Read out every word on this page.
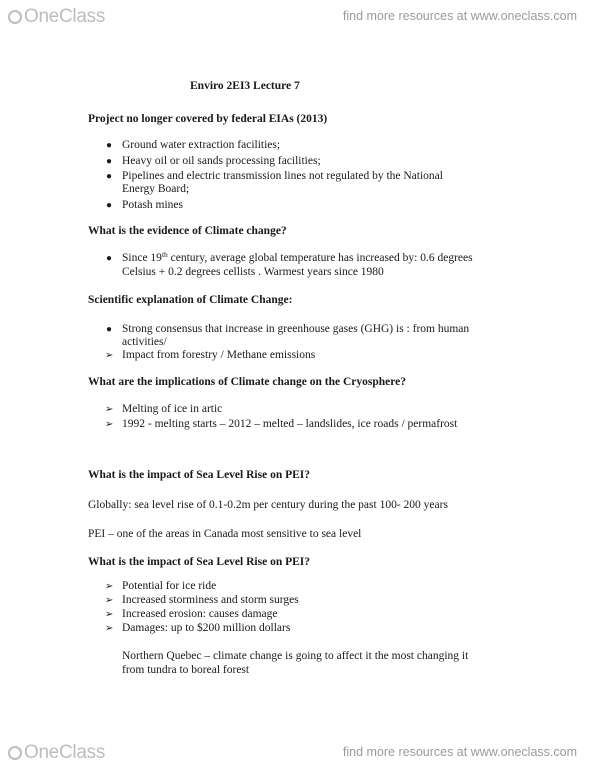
OneClass	find more resources at www.oneclass.com
Enviro 2EI3 Lecture 7
Project no longer covered by federal EIAs (2013)
● Ground water extraction facilities;
● Heavy oil or oil sands processing facilities;
● Pipelines and electric transmission lines not regulated by the National
Energy Board;
● Potash mines
What is the evidence of Climate change?
● Since 19th century, average global temperature has increased by: 0.6 degrees
Celsius + 0.2 degrees cellists . Warmest years since 1980
Scientific explanation of Climate Change:
● Strong consensus that increase in greenhouse gases (GHG) is : from human
activities/
➢ Impact from forestry / Methane emissions
What are the implications of Climate change on the Cryosphere?
➢ Melting of ice in artic
➢ 1992 - melting starts – 2012 – melted – landslides, ice roads / permafrost
What is the impact of Sea Level Rise on PEI?
Globally: sea level rise of 0.1-0.2m per century during the past 100- 200 years
PEI – one of the areas in Canada most sensitive to sea level
What is the impact of Sea Level Rise on PEI?
➢ Potential for ice ride
➢ Increased storminess and storm surges
➢ Increased erosion: causes damage
➢ Damages: up to $200 million dollars
Northern Quebec – climate change is going to affect it the most changing it
from tundra to boreal forest
OneClass	find more resources at www.oneclass.com
